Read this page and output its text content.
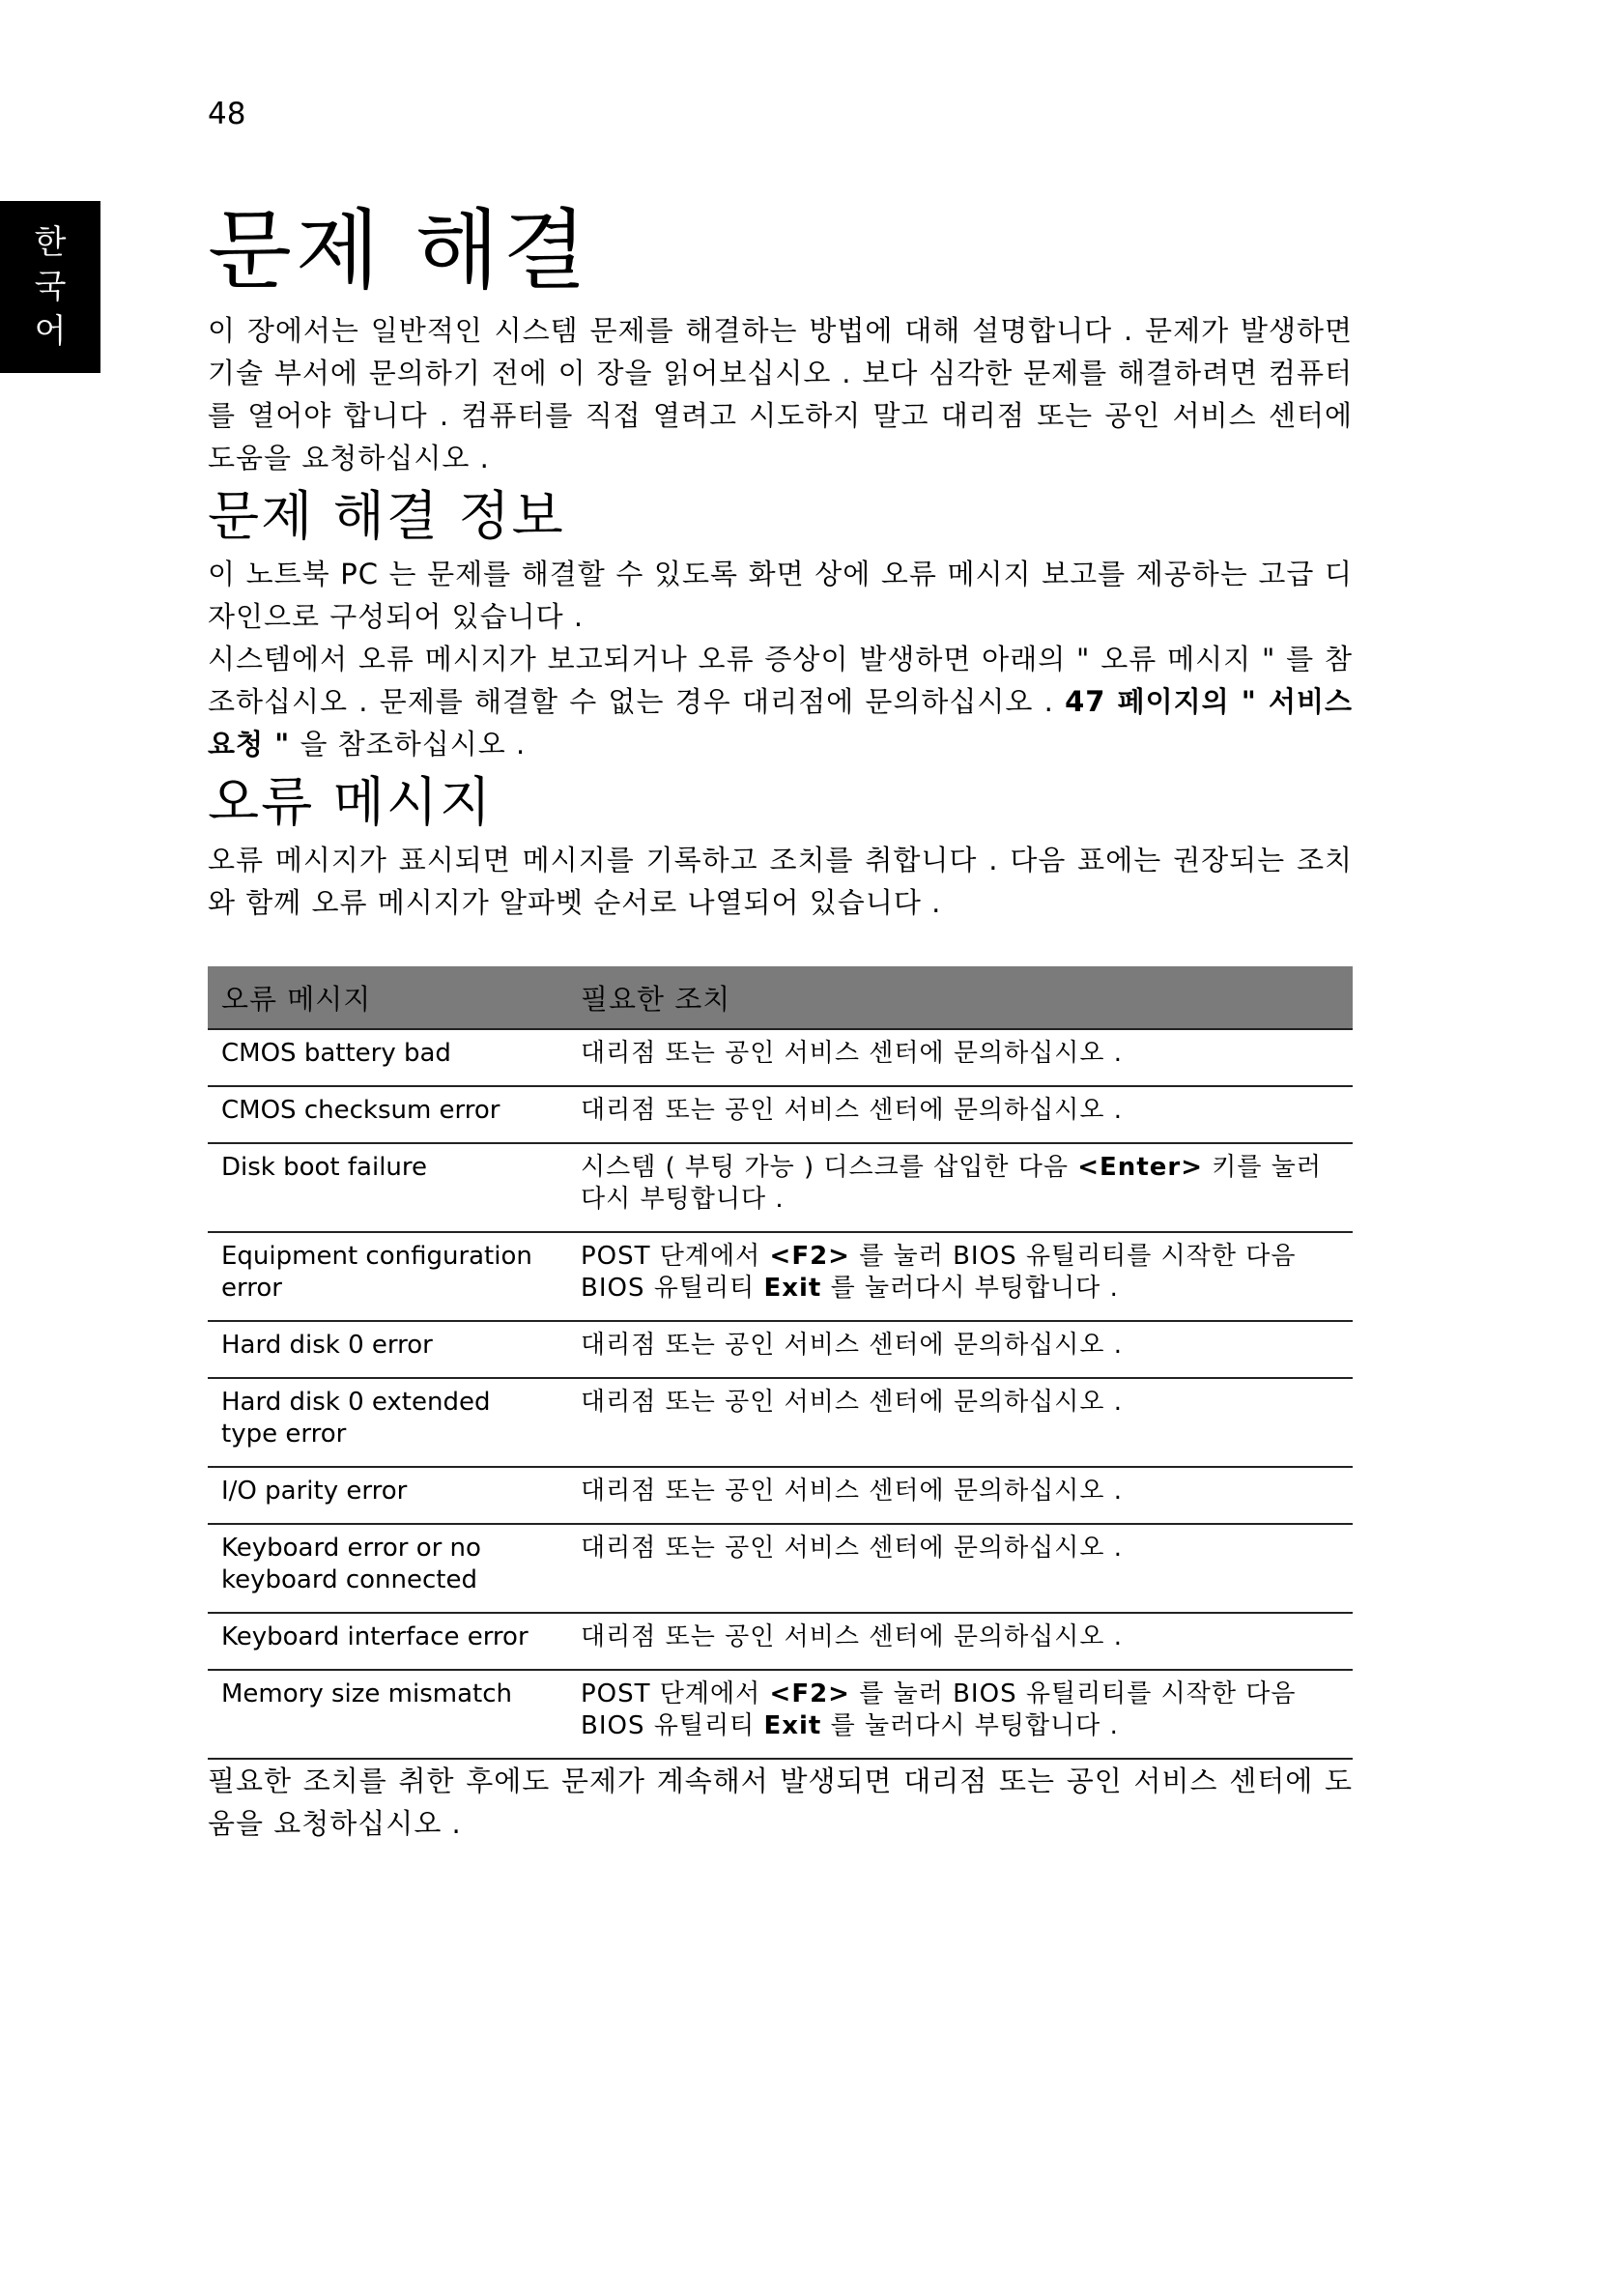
48
한
국
어
문제 해결

이 장에서는 일반적인 시스템 문제를 해결하는 방법에 대해 설명합니다 . 문제가 발생하면 기술 부서에 문의하기 전에 이 장을 읽어보십시오 . 보다 심각한 문제를 해결하려면 컴퓨터를 열어야 합니다 . 컴퓨터를 직접 열려고 시도하지 말고 대리점 또는 공인 서비스 센터에 도움을 요청하십시오 .

문제 해결 정보

이 노트북 PC 는 문제를 해결할 수 있도록 화면 상에 오류 메시지 보고를 제공하는 고급 디자인으로 구성되어 있습니다 .

시스템에서 오류 메시지가 보고되거나 오류 증상이 발생하면 아래의 " 오류 메시지 " 를 참조하십시오 . 문제를 해결할 수 없는 경우 대리점에 문의하십시오 . 47 페이지의 " 서비스 요청 " 을 참조하십시오 .

오류 메시지

오류 메시지가 표시되면 메시지를 기록하고 조치를 취합니다 . 다음 표에는 권장되는 조치와 함께 오류 메시지가 알파벳 순서로 나열되어 있습니다 .

오류 메시지	필요한 조치
CMOS battery bad	대리점 또는 공인 서비스 센터에 문의하십시오 .
CMOS checksum error	대리점 또는 공인 서비스 센터에 문의하십시오 .
Disk boot failure	시스템 ( 부팅 가능 ) 디스크를 삽입한 다음 <Enter> 키를 눌러 다시 부팅합니다 .
Equipment configuration error	POST 단계에서 <F2> 를 눌러 BIOS 유틸리티를 시작한 다음 BIOS 유틸리티 Exit 를 눌러다시 부팅합니다 .
Hard disk 0 error	대리점 또는 공인 서비스 센터에 문의하십시오 .
Hard disk 0 extended type error	대리점 또는 공인 서비스 센터에 문의하십시오 .
I/O parity error	대리점 또는 공인 서비스 센터에 문의하십시오 .
Keyboard error or no keyboard connected	대리점 또는 공인 서비스 센터에 문의하십시오 .
Keyboard interface error	대리점 또는 공인 서비스 센터에 문의하십시오 .
Memory size mismatch	POST 단계에서 <F2> 를 눌러 BIOS 유틸리티를 시작한 다음 BIOS 유틸리티 Exit 를 눌러다시 부팅합니다 .

필요한 조치를 취한 후에도 문제가 계속해서 발생되면 대리점 또는 공인 서비스 센터에 도움을 요청하십시오 .
